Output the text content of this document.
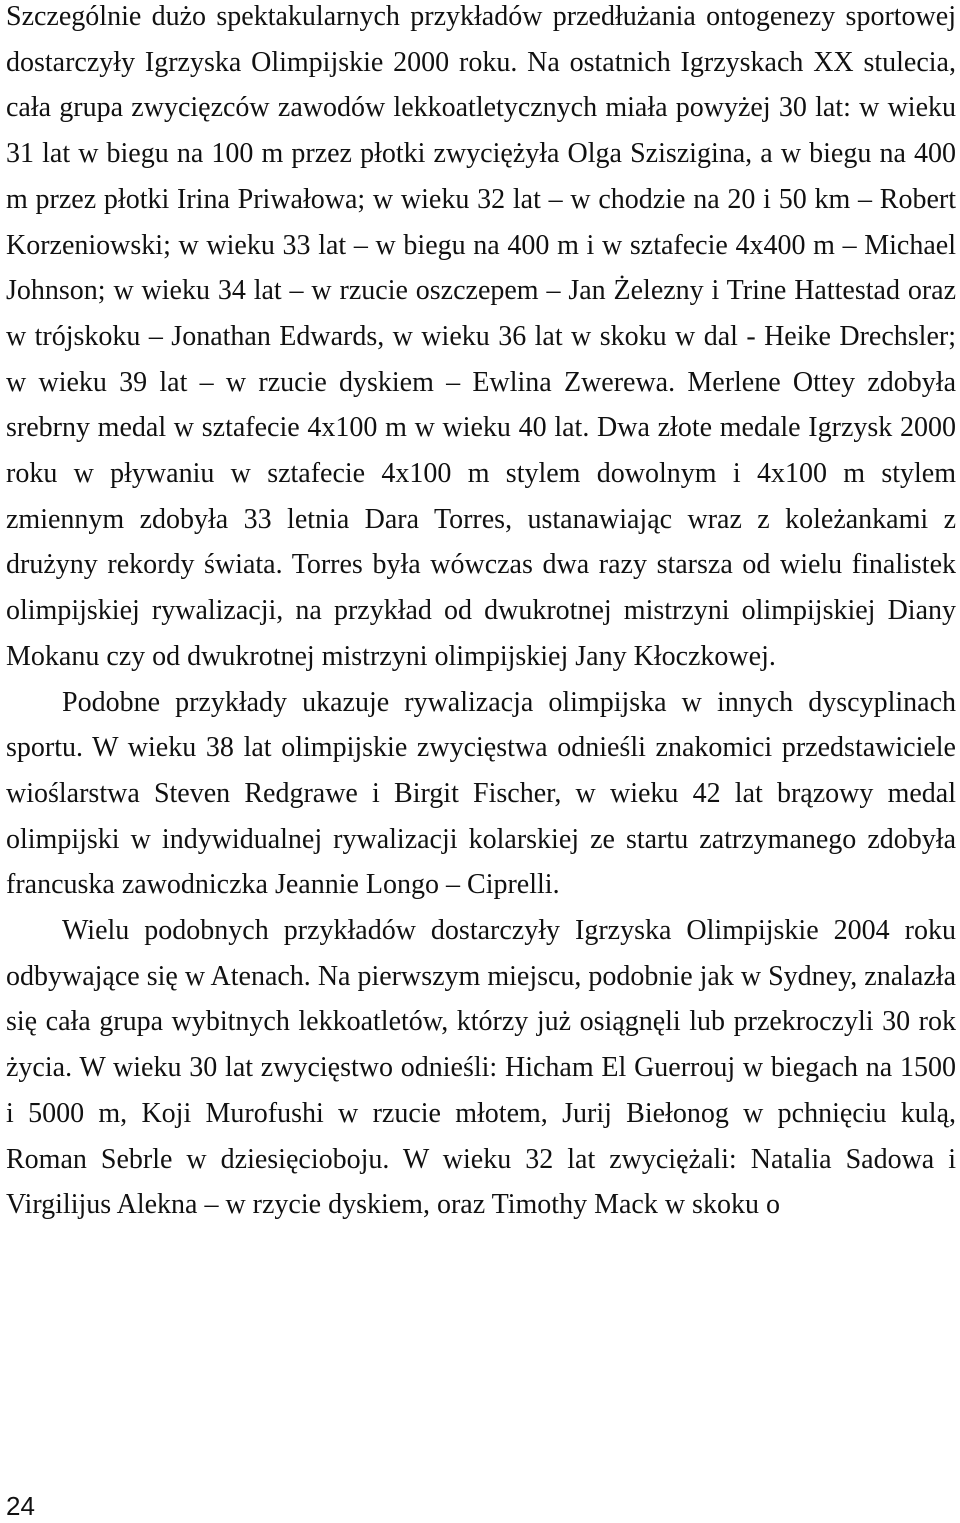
Szczególnie dużo spektakularnych przykładów przedłużania ontogenezy sportowej dostarczyły Igrzyska Olimpijskie 2000 roku. Na ostatnich Igrzyskach XX stulecia, cała grupa zwycięzców zawodów lekkoatletycznych miała powyżej 30 lat: w wieku 31 lat w biegu na 100 m przez płotki zwyciężyła Olga Sziszigina, a w biegu na 400 m przez płotki Irina Priwałowa; w wieku 32 lat – w chodzie na 20 i 50 km – Robert Korzeniowski; w wieku 33 lat – w biegu na 400 m i w sztafecie 4x400 m – Michael Johnson; w wieku 34 lat – w rzucie oszczepem – Jan Żelezny i Trine Hattestad oraz w trójskoku – Jonathan Edwards, w wieku 36 lat w skoku w dal - Heike Drechsler; w wieku 39 lat – w rzucie dyskiem – Ewlina Zwerewa. Merlene Ottey zdobyła srebrny medal w sztafecie 4x100 m w wieku 40 lat. Dwa złote medale Igrzysk 2000 roku w pływaniu w sztafecie 4x100 m stylem dowolnym i 4x100 m stylem zmiennym zdobyła 33 letnia Dara Torres, ustanawiając wraz z koleżankami z drużyny rekordy świata. Torres była wówczas dwa razy starsza od wielu finalistek olimpijskiej rywalizacji, na przykład od dwukrotnej mistrzyni olimpijskiej Diany Mokanu czy od dwukrotnej mistrzyni olimpijskiej Jany Kłoczkowej.

Podobne przykłady ukazuje rywalizacja olimpijska w innych dyscyplinach sportu. W wieku 38 lat olimpijskie zwycięstwa odnieśli znakomici przedstawiciele wioślarstwa Steven Redgrawe i Birgit Fischer, w wieku 42 lat brązowy medal olimpijski w indywidualnej rywalizacji kolarskiej ze startu zatrzymanego zdobyła francuska zawodniczka Jeannie Longo – Ciprelli.

Wielu podobnych przykładów dostarczyły Igrzyska Olimpijskie 2004 roku odbywające się w Atenach. Na pierwszym miejscu, podobnie jak w Sydney, znalazła się cała grupa wybitnych lekkoatletów, którzy już osiągnęli lub przekroczyli 30 rok życia. W wieku 30 lat zwycięstwo odnieśli: Hicham El Guerrouj w biegach na 1500 i 5000 m, Koji Murofushi w rzucie młotem, Jurij Biełonog w pchnięciu kulą, Roman Sebrle w dziesięcioboju. W wieku 32 lat zwyciężali: Natalia Sadowa i Virgilijus Alekna – w rzycie dyskiem, oraz Timothy Mack w skoku o

24
